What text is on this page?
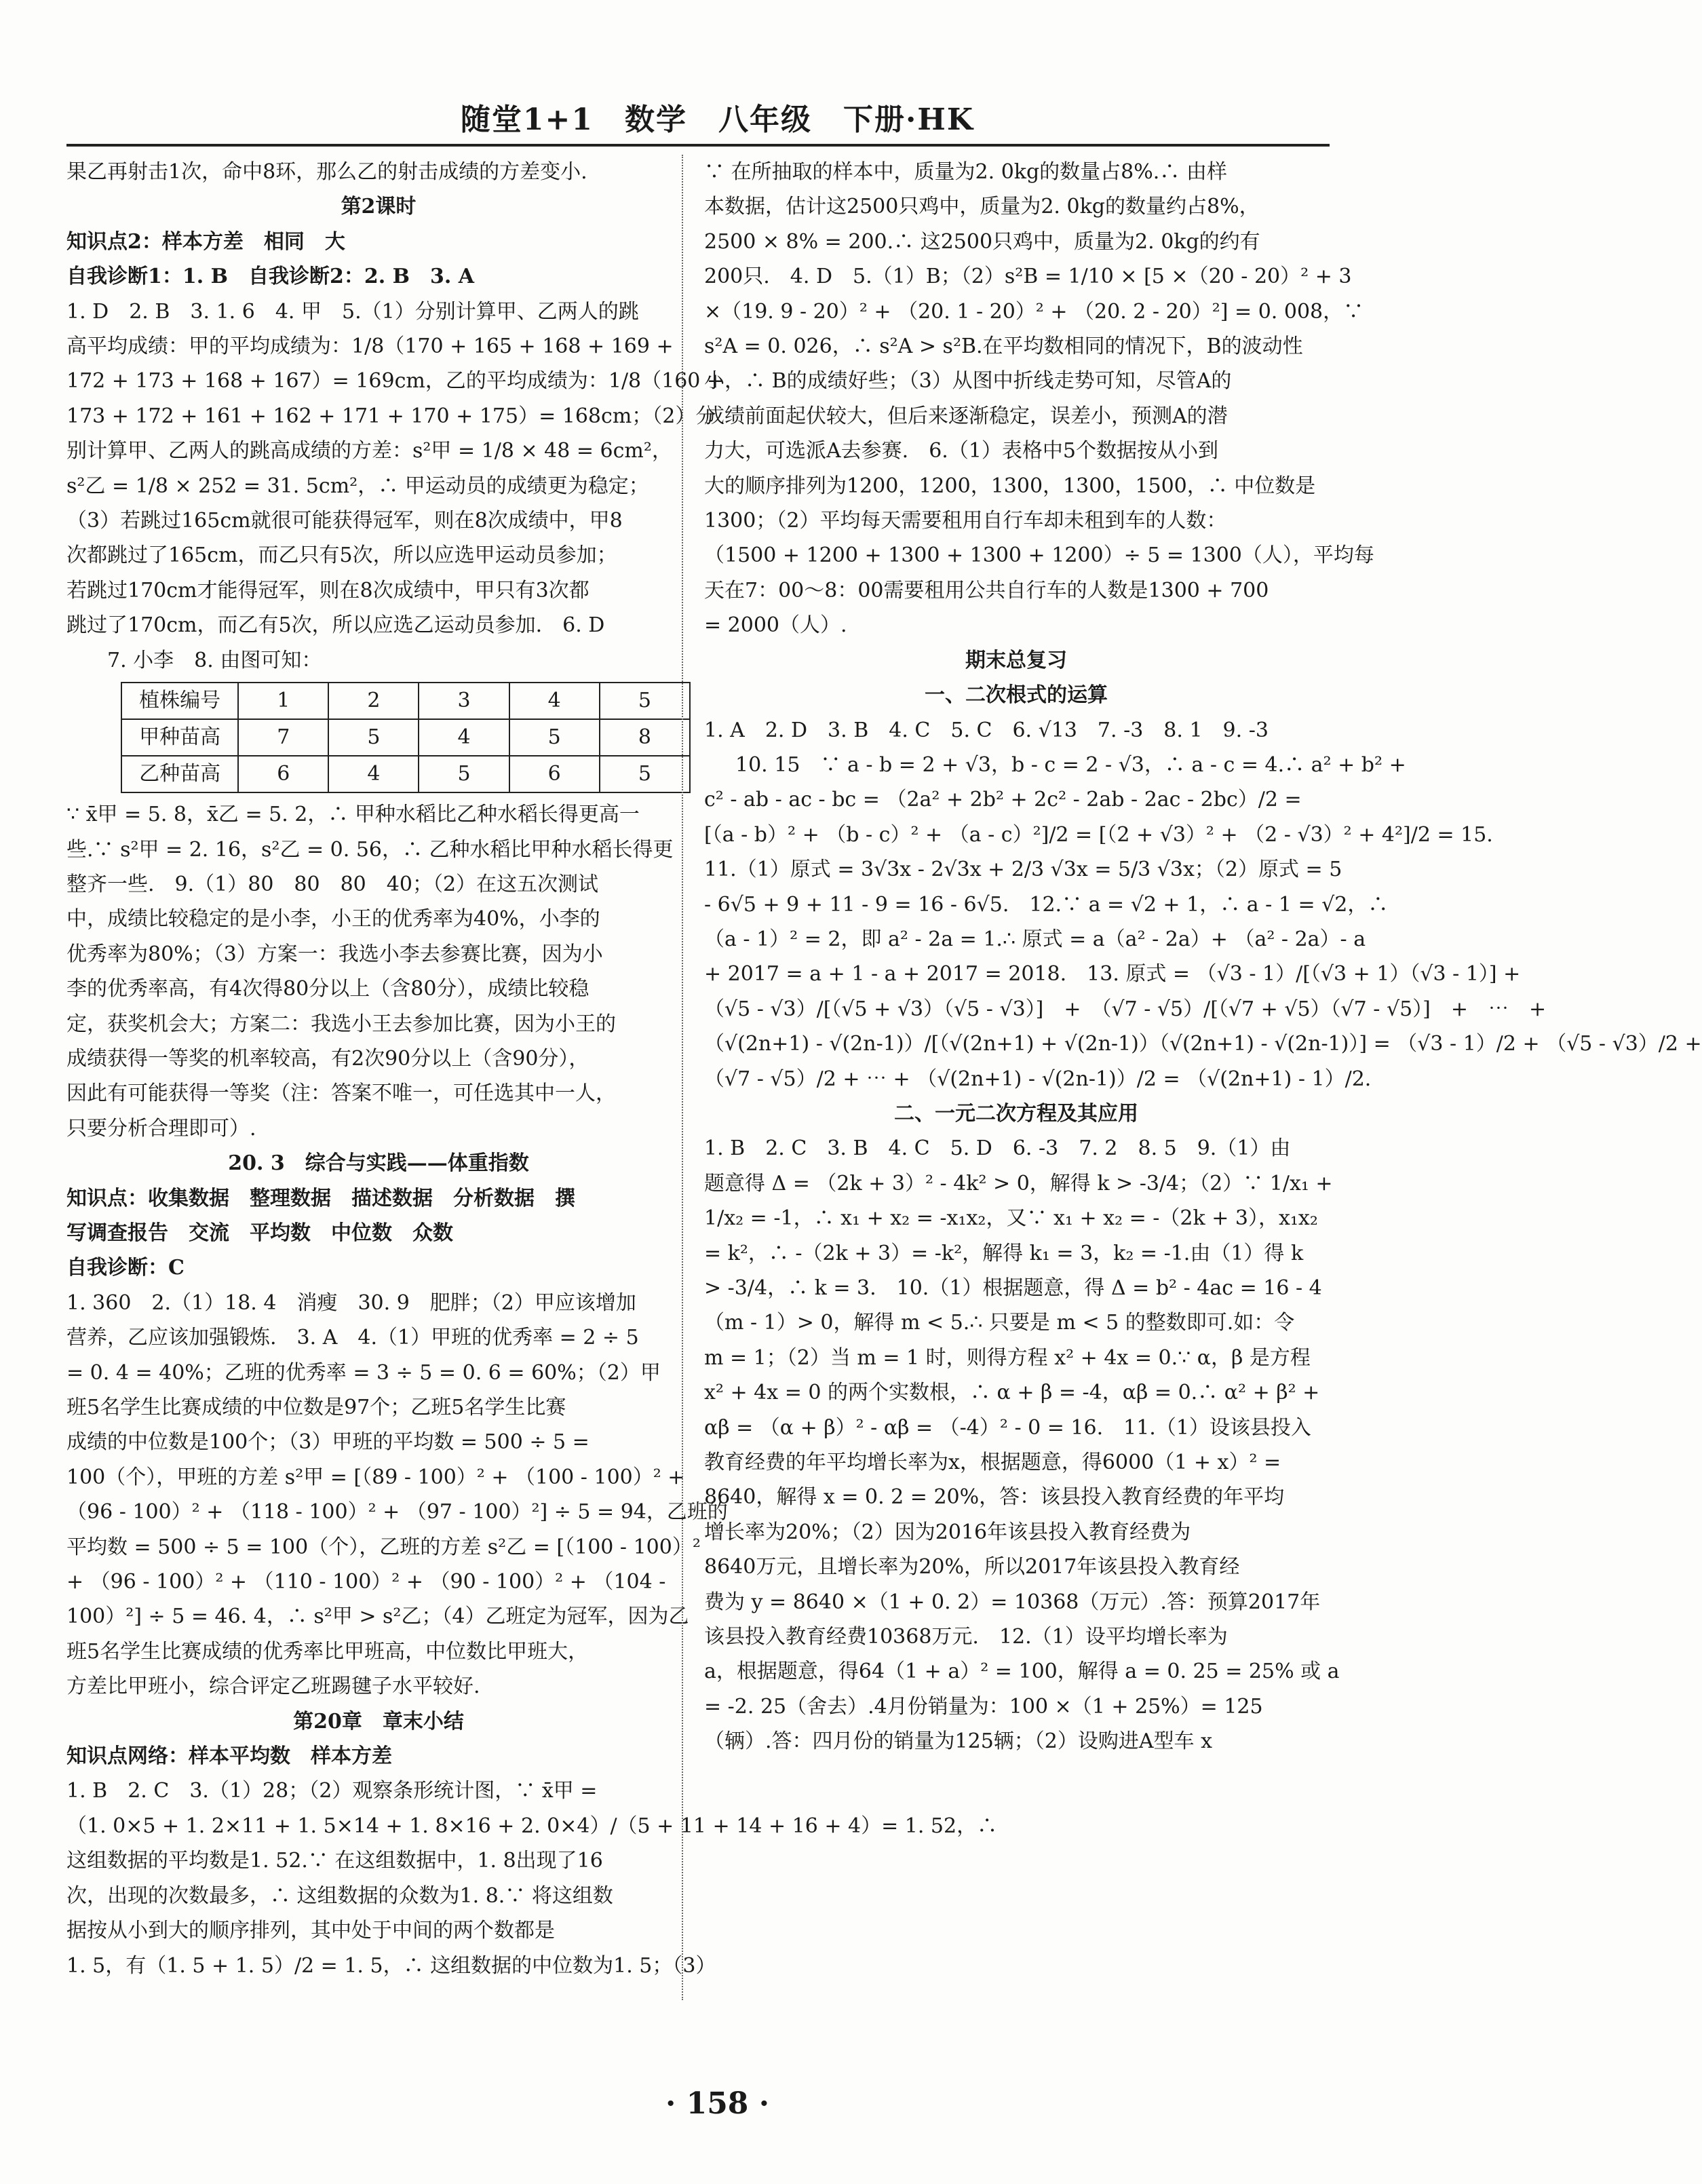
随堂1+1　数学　八年级　下册·HK
果乙再射击1次，命中8环，那么乙的射击成绩的方差变小.
第2课时
知识点2：样本方差　相同　大
自我诊断1：1. B　自我诊断2：2. B　3. A
1. D　2. B　3. 1. 6　4. 甲　5.（1）分别计算甲、乙两人的跳
高平均成绩：甲的平均成绩为：1/8（170 + 165 + 168 + 169 +
172 + 173 + 168 + 167）= 169cm，乙的平均成绩为：1/8（160 +
173 + 172 + 161 + 162 + 171 + 170 + 175）= 168cm；（2）分
别计算甲、乙两人的跳高成绩的方差：s²甲 = 1/8 × 48 = 6cm²，
s²乙 = 1/8 × 252 = 31. 5cm²，∴ 甲运动员的成绩更为稳定；
（3）若跳过165cm就很可能获得冠军，则在8次成绩中，甲8
次都跳过了165cm，而乙只有5次，所以应选甲运动员参加；
若跳过170cm才能得冠军，则在8次成绩中，甲只有3次都
跳过了170cm，而乙有5次，所以应选乙运动员参加.　6. D
7. 小李　8. 由图可知：
植株编号	1	2	3	4	5
甲种苗高	7	5	4	5	8
乙种苗高	6	4	5	6	5
∵ x̄甲 = 5. 8，x̄乙 = 5. 2，∴ 甲种水稻比乙种水稻长得更高一
些.∵ s²甲 = 2. 16，s²乙 = 0. 56，∴ 乙种水稻比甲种水稻长得更
整齐一些.　9.（1）80　80　80　40；（2）在这五次测试
中，成绩比较稳定的是小李，小王的优秀率为40%，小李的
优秀率为80%；（3）方案一：我选小李去参赛比赛，因为小
李的优秀率高，有4次得80分以上（含80分），成绩比较稳
定，获奖机会大；方案二：我选小王去参加比赛，因为小王的
成绩获得一等奖的机率较高，有2次90分以上（含90分），
因此有可能获得一等奖（注：答案不唯一，可任选其中一人，
只要分析合理即可）.
20. 3　综合与实践——体重指数
知识点：收集数据　整理数据　描述数据　分析数据　撰
写调查报告　交流　平均数　中位数　众数
自我诊断：C
1. 360　2.（1）18. 4　消瘦　30. 9　肥胖；（2）甲应该增加
营养，乙应该加强锻炼.　3. A　4.（1）甲班的优秀率 = 2 ÷ 5
= 0. 4 = 40%；乙班的优秀率 = 3 ÷ 5 = 0. 6 = 60%；（2）甲
班5名学生比赛成绩的中位数是97个；乙班5名学生比赛
成绩的中位数是100个；（3）甲班的平均数 = 500 ÷ 5 =
100（个），甲班的方差 s²甲 = [（89 - 100）² + （100 - 100）² +
（96 - 100）² + （118 - 100）² + （97 - 100）²] ÷ 5 = 94，乙班的
平均数 = 500 ÷ 5 = 100（个），乙班的方差 s²乙 = [（100 - 100）²
+ （96 - 100）² + （110 - 100）² + （90 - 100）² + （104 -
100）²] ÷ 5 = 46. 4，∴ s²甲 > s²乙；（4）乙班定为冠军，因为乙
班5名学生比赛成绩的优秀率比甲班高，中位数比甲班大，
方差比甲班小，综合评定乙班踢毽子水平较好.
第20章　章末小结
知识点网络：样本平均数　样本方差
1. B　2. C　3.（1）28；（2）观察条形统计图，∵ x̄甲 =
（1. 0×5 + 1. 2×11 + 1. 5×14 + 1. 8×16 + 2. 0×4）/（5 + 11 + 14 + 16 + 4）= 1. 52，∴
这组数据的平均数是1. 52.∵ 在这组数据中，1. 8出现了16
次，出现的次数最多，∴ 这组数据的众数为1. 8.∵ 将这组数
据按从小到大的顺序排列，其中处于中间的两个数都是
1. 5，有（1. 5 + 1. 5）/2 = 1. 5，∴ 这组数据的中位数为1. 5；（3）
∵ 在所抽取的样本中，质量为2. 0kg的数量占8%.∴ 由样
本数据，估计这2500只鸡中，质量为2. 0kg的数量约占8%，
2500 × 8% = 200.∴ 这2500只鸡中，质量为2. 0kg的约有
200只.　4. D　5.（1）B；（2）s²B = 1/10 × [5 ×（20 - 20）² + 3
×（19. 9 - 20）² + （20. 1 - 20）² + （20. 2 - 20）²] = 0. 008，∵
s²A = 0. 026，∴ s²A > s²B.在平均数相同的情况下，B的波动性
小，∴ B的成绩好些；（3）从图中折线走势可知，尽管A的
成绩前面起伏较大，但后来逐渐稳定，误差小，预测A的潜
力大，可选派A去参赛.　6.（1）表格中5个数据按从小到
大的顺序排列为1200，1200，1300，1300，1500，∴ 中位数是
1300；（2）平均每天需要租用自行车却未租到车的人数：
（1500 + 1200 + 1300 + 1300 + 1200）÷ 5 = 1300（人），平均每
天在7：00～8：00需要租用公共自行车的人数是1300 + 700
= 2000（人）.
期末总复习
一、二次根式的运算
1. A　2. D　3. B　4. C　5. C　6. √13　7. -3　8. 1　9. -3
10. 15　∵ a - b = 2 + √3，b - c = 2 - √3，∴ a - c = 4.∴ a² + b² +
c² - ab - ac - bc = （2a² + 2b² + 2c² - 2ab - 2ac - 2bc）/2 =
[（a - b）² + （b - c）² + （a - c）²]/2 = [（2 + √3）² + （2 - √3）² + 4²]/2 = 15.
11.（1）原式 = 3√3x - 2√3x + 2/3 √3x = 5/3 √3x；（2）原式 = 5
- 6√5 + 9 + 11 - 9 = 16 - 6√5.　12.∵ a = √2 + 1，∴ a - 1 = √2，∴
（a - 1）² = 2，即 a² - 2a = 1.∴ 原式 = a（a² - 2a）+ （a² - 2a）- a
+ 2017 = a + 1 - a + 2017 = 2018.　13. 原式 = （√3 - 1）/[（√3 + 1）（√3 - 1）] +
（√5 - √3）/[（√5 + √3）（√5 - √3）]　+　（√7 - √5）/[（√7 + √5）（√7 - √5）]　+　⋯　+
（√(2n+1) - √(2n-1)）/[（√(2n+1) + √(2n-1)）（√(2n+1) - √(2n-1)）] = （√3 - 1）/2 + （√5 - √3）/2 +
（√7 - √5）/2 + ⋯ + （√(2n+1) - √(2n-1)）/2 = （√(2n+1) - 1）/2.
二、一元二次方程及其应用
1. B　2. C　3. B　4. C　5. D　6. -3　7. 2　8. 5　9.（1）由
题意得 Δ = （2k + 3）² - 4k² > 0，解得 k > -3/4；（2）∵ 1/x₁ +
1/x₂ = -1，∴ x₁ + x₂ = -x₁x₂，又∵ x₁ + x₂ = -（2k + 3），x₁x₂
= k²，∴ -（2k + 3）= -k²，解得 k₁ = 3，k₂ = -1.由（1）得 k
> -3/4，∴ k = 3.　10.（1）根据题意，得 Δ = b² - 4ac = 16 - 4
（m - 1）> 0，解得 m < 5.∴ 只要是 m < 5 的整数即可.如：令
m = 1；（2）当 m = 1 时，则得方程 x² + 4x = 0.∵ α，β 是方程
x² + 4x = 0 的两个实数根，∴ α + β = -4，αβ = 0.∴ α² + β² +
αβ = （α + β）² - αβ = （-4）² - 0 = 16.　11.（1）设该县投入
教育经费的年平均增长率为x，根据题意，得6000（1 + x）² =
8640，解得 x = 0. 2 = 20%，答：该县投入教育经费的年平均
增长率为20%；（2）因为2016年该县投入教育经费为
8640万元，且增长率为20%，所以2017年该县投入教育经
费为 y = 8640 ×（1 + 0. 2）= 10368（万元）.答：预算2017年
该县投入教育经费10368万元.　12.（1）设平均增长率为
a，根据题意，得64（1 + a）² = 100，解得 a = 0. 25 = 25% 或 a
= -2. 25（舍去）.4月份销量为：100 ×（1 + 25%）= 125
（辆）.答：四月份的销量为125辆；（2）设购进A型车 x
· 158 ·
